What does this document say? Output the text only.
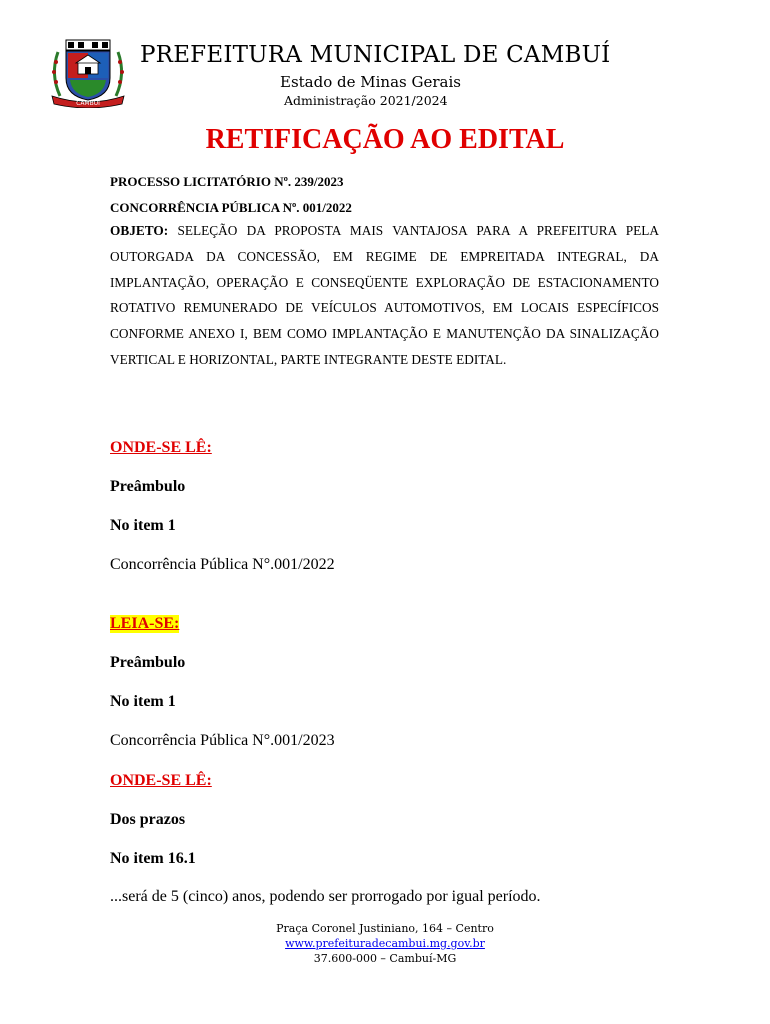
CAMBUÍ
PREFEITURA MUNICIPAL DE CAMBUÍ
Estado de Minas Gerais
Administração 2021/2024
RETIFICAÇÃO AO EDITAL
PROCESSO LICITATÓRIO Nº. 239/2023
CONCORRÊNCIA PÚBLICA Nº. 001/2022
OBJETO: SELEÇÃO DA PROPOSTA MAIS VANTAJOSA PARA A PREFEITURA PELA OUTORGADA DA CONCESSÃO, EM REGIME DE EMPREITADA INTEGRAL, DA IMPLANTAÇÃO, OPERAÇÃO E CONSEQÜENTE EXPLORAÇÃO DE ESTACIONAMENTO ROTATIVO REMUNERADO DE VEÍCULOS AUTOMOTIVOS, EM LOCAIS ESPECÍFICOS CONFORME ANEXO I, BEM COMO IMPLANTAÇÃO E MANUTENÇÃO DA SINALIZAÇÃO VERTICAL E HORIZONTAL, PARTE INTEGRANTE DESTE EDITAL.
ONDE-SE LÊ:
Preâmbulo
No item 1
Concorrência Pública N°.001/2022
LEIA-SE:
Preâmbulo
No item 1
Concorrência Pública N°.001/2023
ONDE-SE LÊ:
Dos prazos
No item 16.1
...será de 5 (cinco) anos, podendo ser prorrogado por igual período.
Praça Coronel Justiniano, 164 – Centro
www.prefeituradecambui.mg.gov.br
37.600-000 – Cambuí-MG
